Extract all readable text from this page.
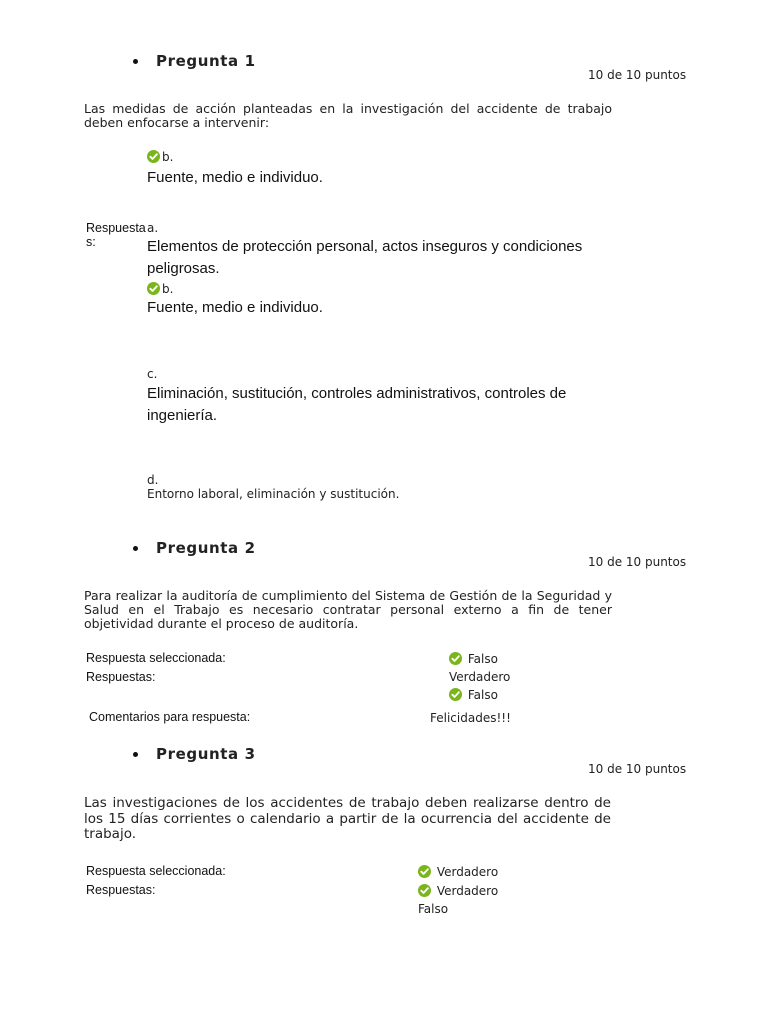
Pregunta 1
10 de 10 puntos
Las medidas de acción planteadas en la investigación del accidente de trabajo deben enfocarse a intervenir:
b.
Fuente, medio e individuo.
Respuestas:
a.
Elementos de protección personal, actos inseguros y condiciones peligrosas.
b.
Fuente, medio e individuo.
c.
Eliminación, sustitución, controles administrativos, controles de ingeniería.
d.
Entorno laboral, eliminación y sustitución.
Pregunta 2
10 de 10 puntos
Para realizar la auditoría de cumplimiento del Sistema de Gestión de la Seguridad y Salud en el Trabajo es necesario contratar personal externo a fin de tener objetividad durante el proceso de auditoría.
Respuesta seleccionada:	Falso
Respuestas:	Verdadero
Falso
Comentarios para respuesta:	Felicidades!!!
Pregunta 3
10 de 10 puntos
Las investigaciones de los accidentes de trabajo deben realizarse dentro de los 15 días corrientes o calendario a partir de la ocurrencia del accidente de trabajo.
Respuesta seleccionada:	Verdadero
Respuestas:	Verdadero
Falso
